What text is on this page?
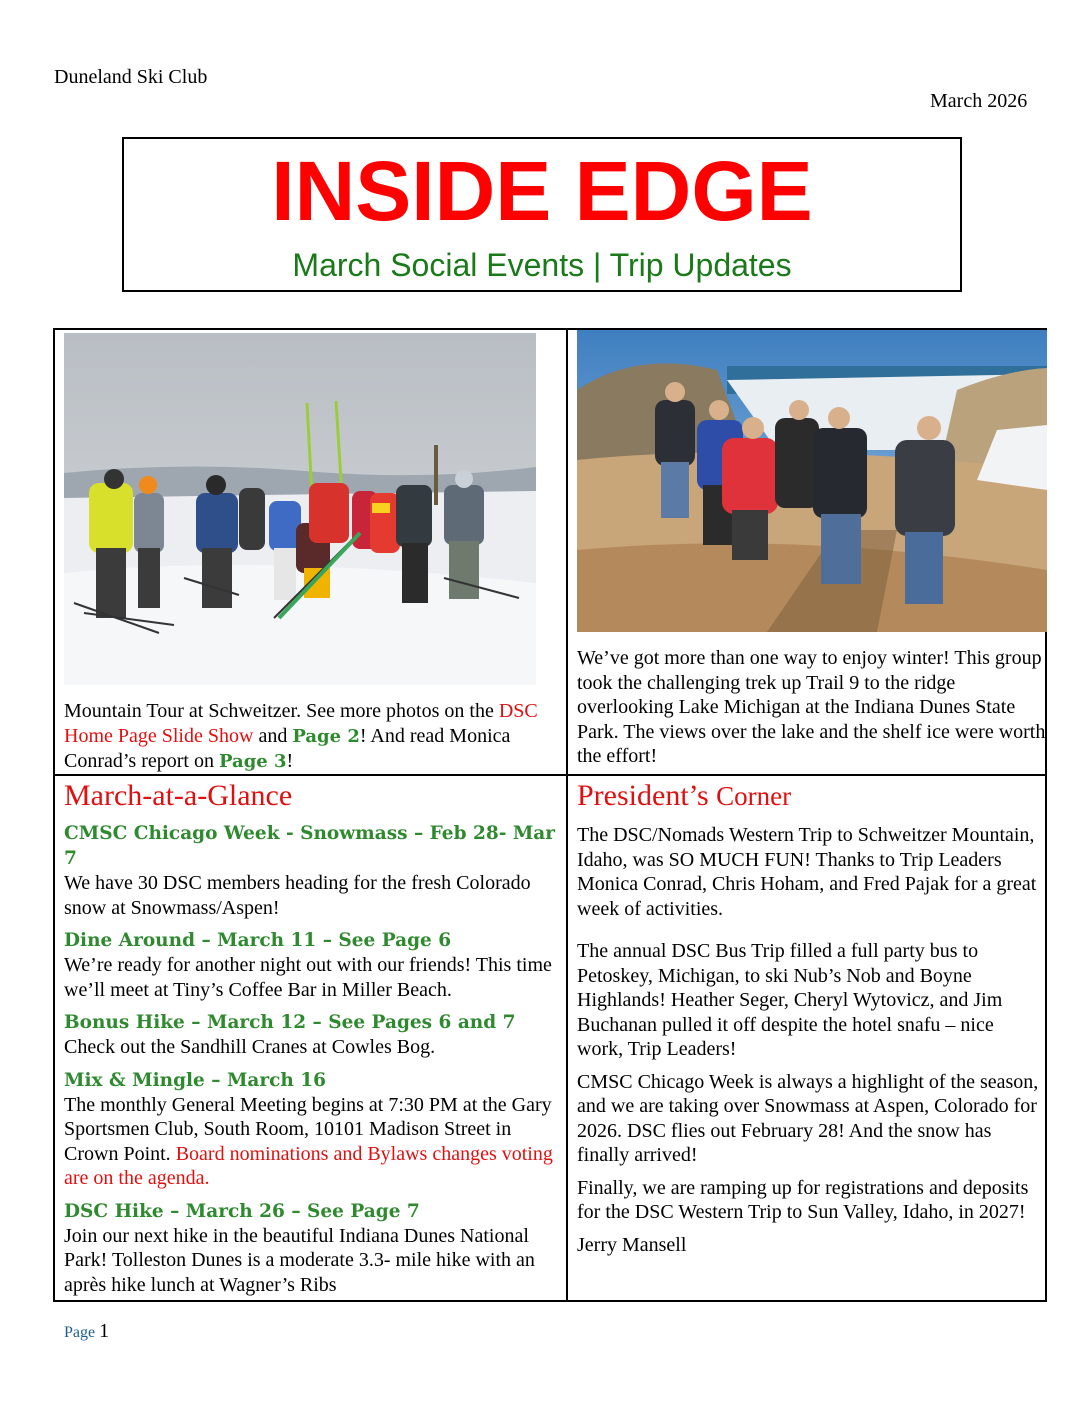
Duneland Ski Club
March 2026
INSIDE EDGE
March Social Events | Trip Updates
Mountain Tour at Schweitzer. See more photos on the DSC Home Page Slide Show and Page 2! And read Monica Conrad’s report on Page 3!
We’ve got more than one way to enjoy winter! This group took the challenging trek up Trail 9 to the ridge overlooking Lake Michigan at the Indiana Dunes State Park. The views over the lake and the shelf ice were worth the effort!
March-at-a-Glance
CMSC Chicago Week - Snowmass – Feb 28- Mar 7
We have 30 DSC members heading for the fresh Colorado snow at Snowmass/Aspen!
Dine Around – March 11 – See Page 6
We’re ready for another night out with our friends! This time we’ll meet at Tiny’s Coffee Bar in Miller Beach.
Bonus Hike – March 12 – See Pages 6 and 7
Check out the Sandhill Cranes at Cowles Bog.
Mix & Mingle – March 16
The monthly General Meeting begins at 7:30 PM at the Gary Sportsmen Club, South Room, 10101 Madison Street in Crown Point. Board nominations and Bylaws changes voting are on the agenda.
DSC Hike – March 26 – See Page 7
Join our next hike in the beautiful Indiana Dunes National Park! Tolleston Dunes is a moderate 3.3- mile hike with an après hike lunch at Wagner’s Ribs
President’s Corner
The DSC/Nomads Western Trip to Schweitzer Mountain, Idaho, was SO MUCH FUN! Thanks to Trip Leaders Monica Conrad, Chris Hoham, and Fred Pajak for a great week of activities.
The annual DSC Bus Trip filled a full party bus to Petoskey, Michigan, to ski Nub’s Nob and Boyne Highlands! Heather Seger, Cheryl Wytovicz, and Jim Buchanan pulled it off despite the hotel snafu – nice work, Trip Leaders!
CMSC Chicago Week is always a highlight of the season, and we are taking over Snowmass at Aspen, Colorado for 2026. DSC flies out February 28! And the snow has finally arrived!
Finally, we are ramping up for registrations and deposits for the DSC Western Trip to Sun Valley, Idaho, in 2027!
Jerry Mansell
Page 1
